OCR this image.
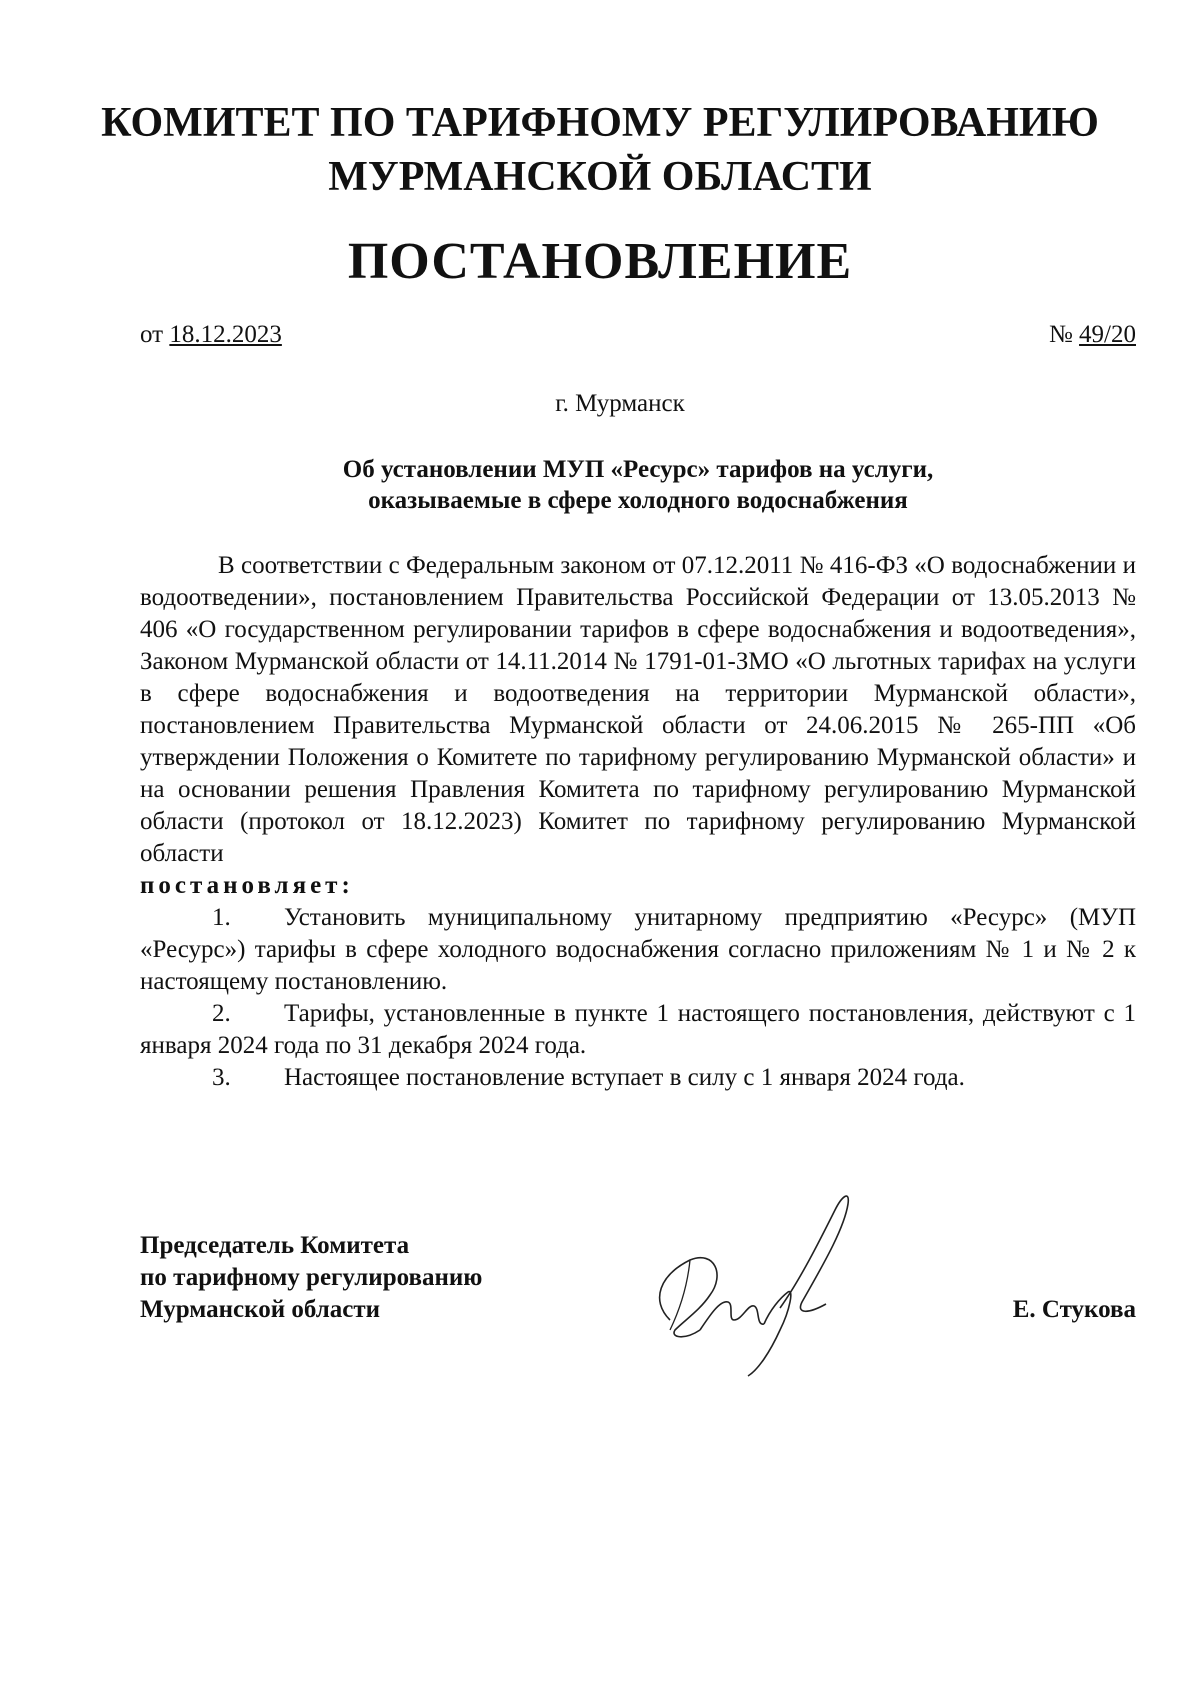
КОМИТЕТ ПО ТАРИФНОМУ РЕГУЛИРОВАНИЮ
МУРМАНСКОЙ ОБЛАСТИ
ПОСТАНОВЛЕНИЕ
от 18.12.2023	№ 49/20
г. Мурманск
Об установлении МУП «Ресурс» тарифов на услуги,
оказываемые в сфере холодного водоснабжения

В соответствии с Федеральным законом от 07.12.2011 № 416-ФЗ «О водоснабжении и водоотведении», постановлением Правительства Российской Федерации от 13.05.2013 № 406 «О государственном регулировании тарифов в сфере водоснабжения и водоотведения», Законом Мурманской области от 14.11.2014 № 1791-01-ЗМО «О льготных тарифах на услуги в сфере водоснабжения и водоотведения на территории Мурманской области», постановлением Правительства Мурманской области от 24.06.2015 № 265-ПП «Об утверждении Положения о Комитете по тарифному регулированию Мурманской области» и на основании решения Правления Комитета по тарифному регулированию Мурманской области (протокол от 18.12.2023) Комитет по тарифному регулированию Мурманской области

постановляет:

1. Установить муниципальному унитарному предприятию «Ресурс» (МУП «Ресурс») тарифы в сфере холодного водоснабжения согласно приложениям № 1 и № 2 к настоящему постановлению.

2. Тарифы, установленные в пункте 1 настоящего постановления, действуют с 1 января 2024 года по 31 декабря 2024 года.

3. Настоящее постановление вступает в силу с 1 января 2024 года.

Председатель Комитета
по тарифному регулированию
Мурманской области	Е. Стукова
